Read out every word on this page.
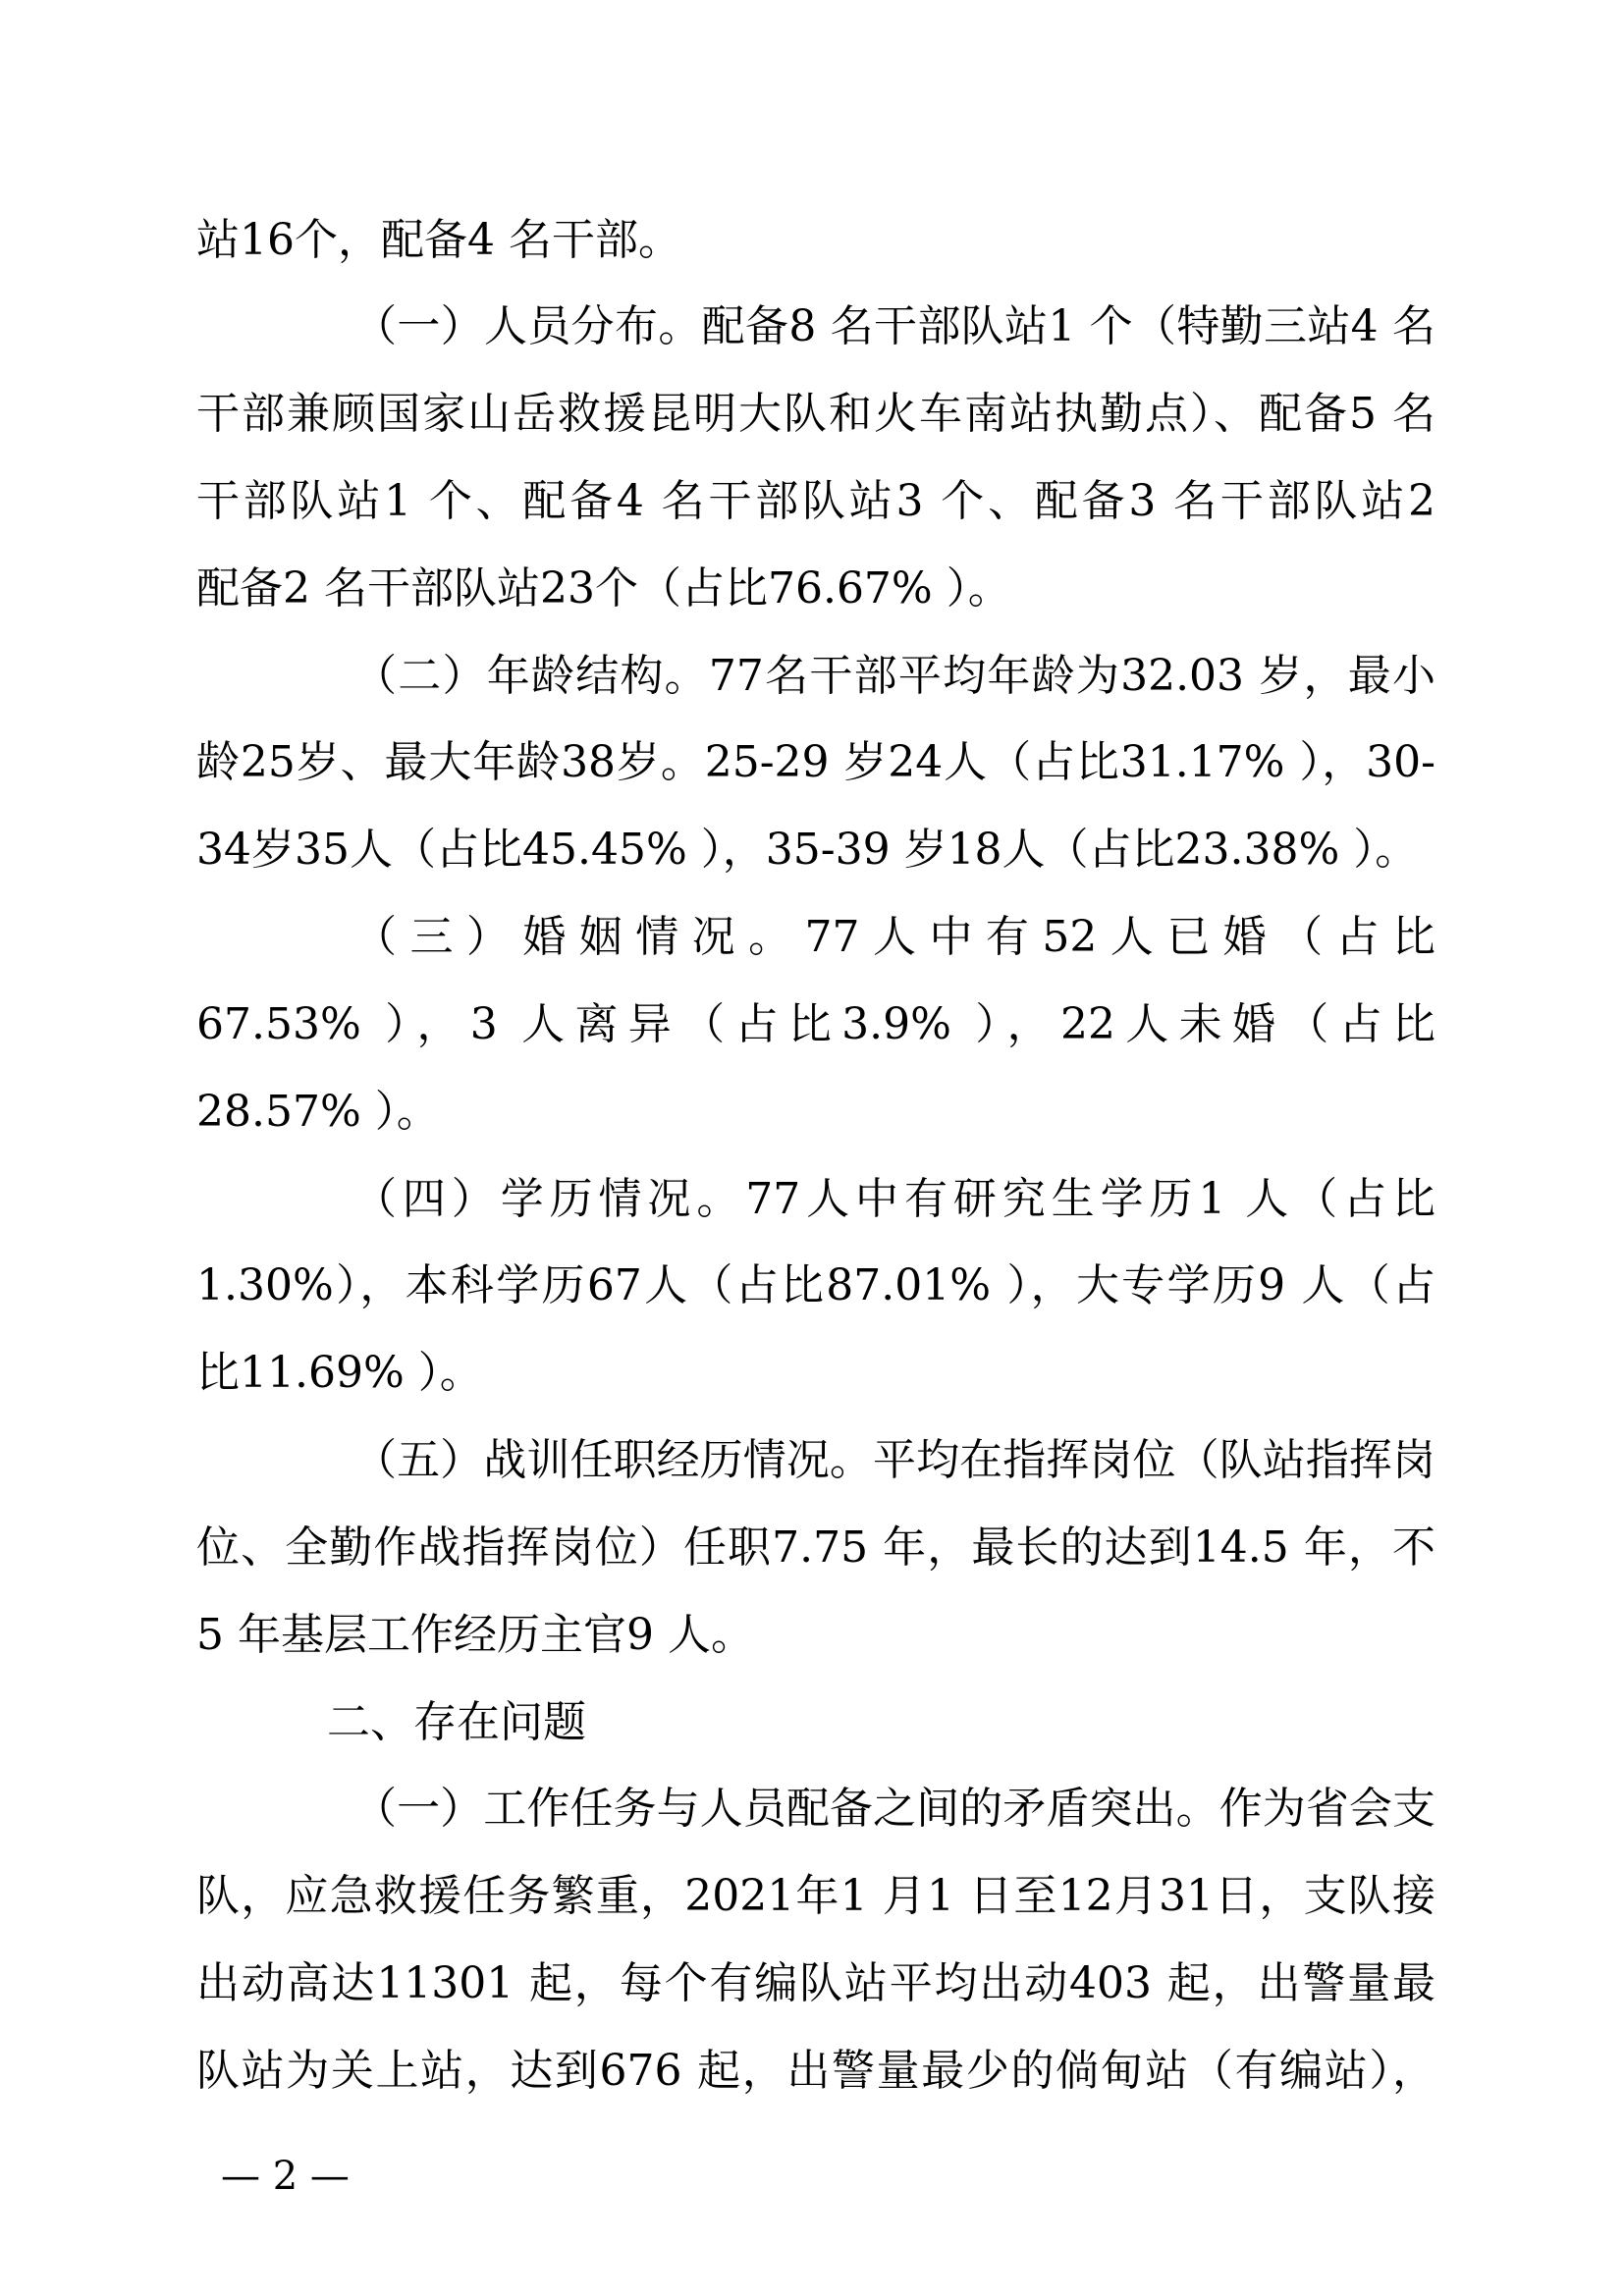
站16个，配备4 名干部。
（一）人员分布。配备8 名干部队站1 个（特勤三站4 名
干部兼顾国家山岳救援昆明大队和火车南站执勤点）、配备5 名
干部队站1 个、配备4 名干部队站3 个、配备3 名干部队站2
配备2 名干部队站23个（占比76.67% ）。
（二）年龄结构。77名干部平均年龄为32.03 岁，最小
龄25岁、最大年龄38岁。25-29 岁24人（占比31.17% ），30-
34岁35人（占比45.45% ），35-39 岁18人（占比23.38% ）。
（三）婚姻情况。77人中有52人已婚（占比
67.53% ），3 人离异（占比3.9% ），22人未婚（占比
28.57% ）。
（四）学历情况。77人中有研究生学历1 人（占比
1.30%），本科学历67人（占比87.01% ），大专学历9 人（占
比11.69% ）。
（五）战训任职经历情况。平均在指挥岗位（队站指挥岗
位、全勤作战指挥岗位）任职7.75 年，最长的达到14.5 年，不
5 年基层工作经历主官9 人。
二、存在问题
（一）工作任务与人员配备之间的矛盾突出。作为省会支
队，应急救援任务繁重，2021年1 月1 日至12月31日，支队接
出动高达11301 起，每个有编队站平均出动403 起，出警量最
队站为关上站，达到676 起，出警量最少的倘甸站（有编站），
— 2 —
